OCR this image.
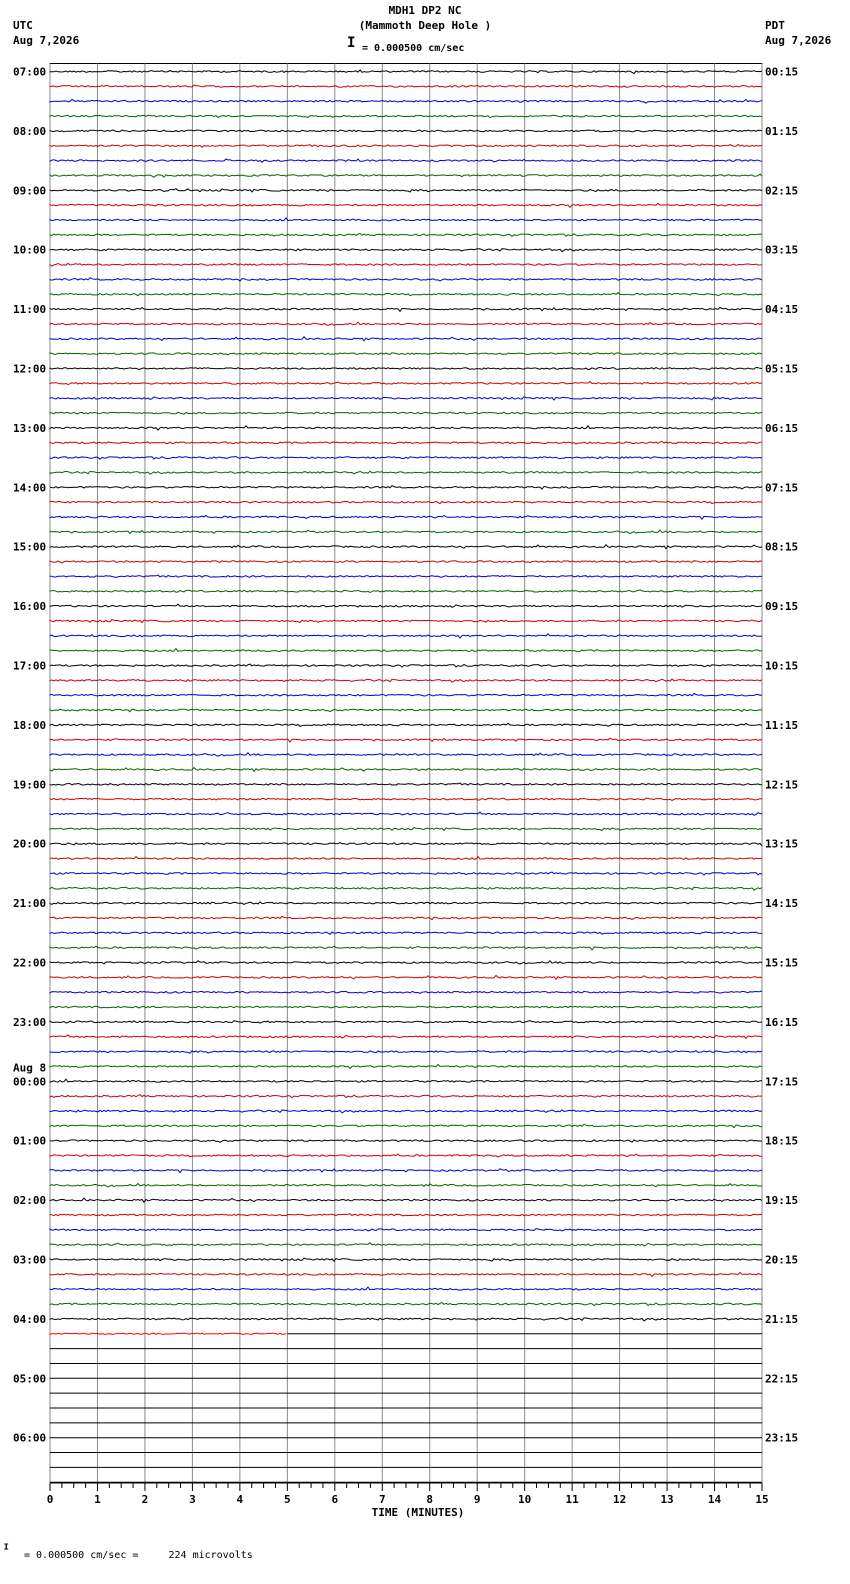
MDH1 DP2 NC
(Mammoth Deep Hole )
I = 0.000500 cm/sec
UTC
Aug 7,2026
PDT
Aug 7,2026
07:00
08:00
09:00
10:00
11:00
12:00
13:00
14:00
15:00
16:00
17:00
18:00
19:00
20:00
21:00
22:00
23:00
00:00
01:00
02:00
03:00
04:00
05:00
06:00
00:15
01:15
02:15
03:15
04:15
05:15
06:15
07:15
08:15
09:15
10:15
11:15
12:15
13:15
14:15
15:15
16:15
17:15
18:15
19:15
20:15
21:15
22:15
23:15
Aug 8
0	1	2	3	4	5	6	7	8	9	10	11	12	13	14	15
TIME (MINUTES)
ᴵ = 0.000500 cm/sec =     224 microvolts
